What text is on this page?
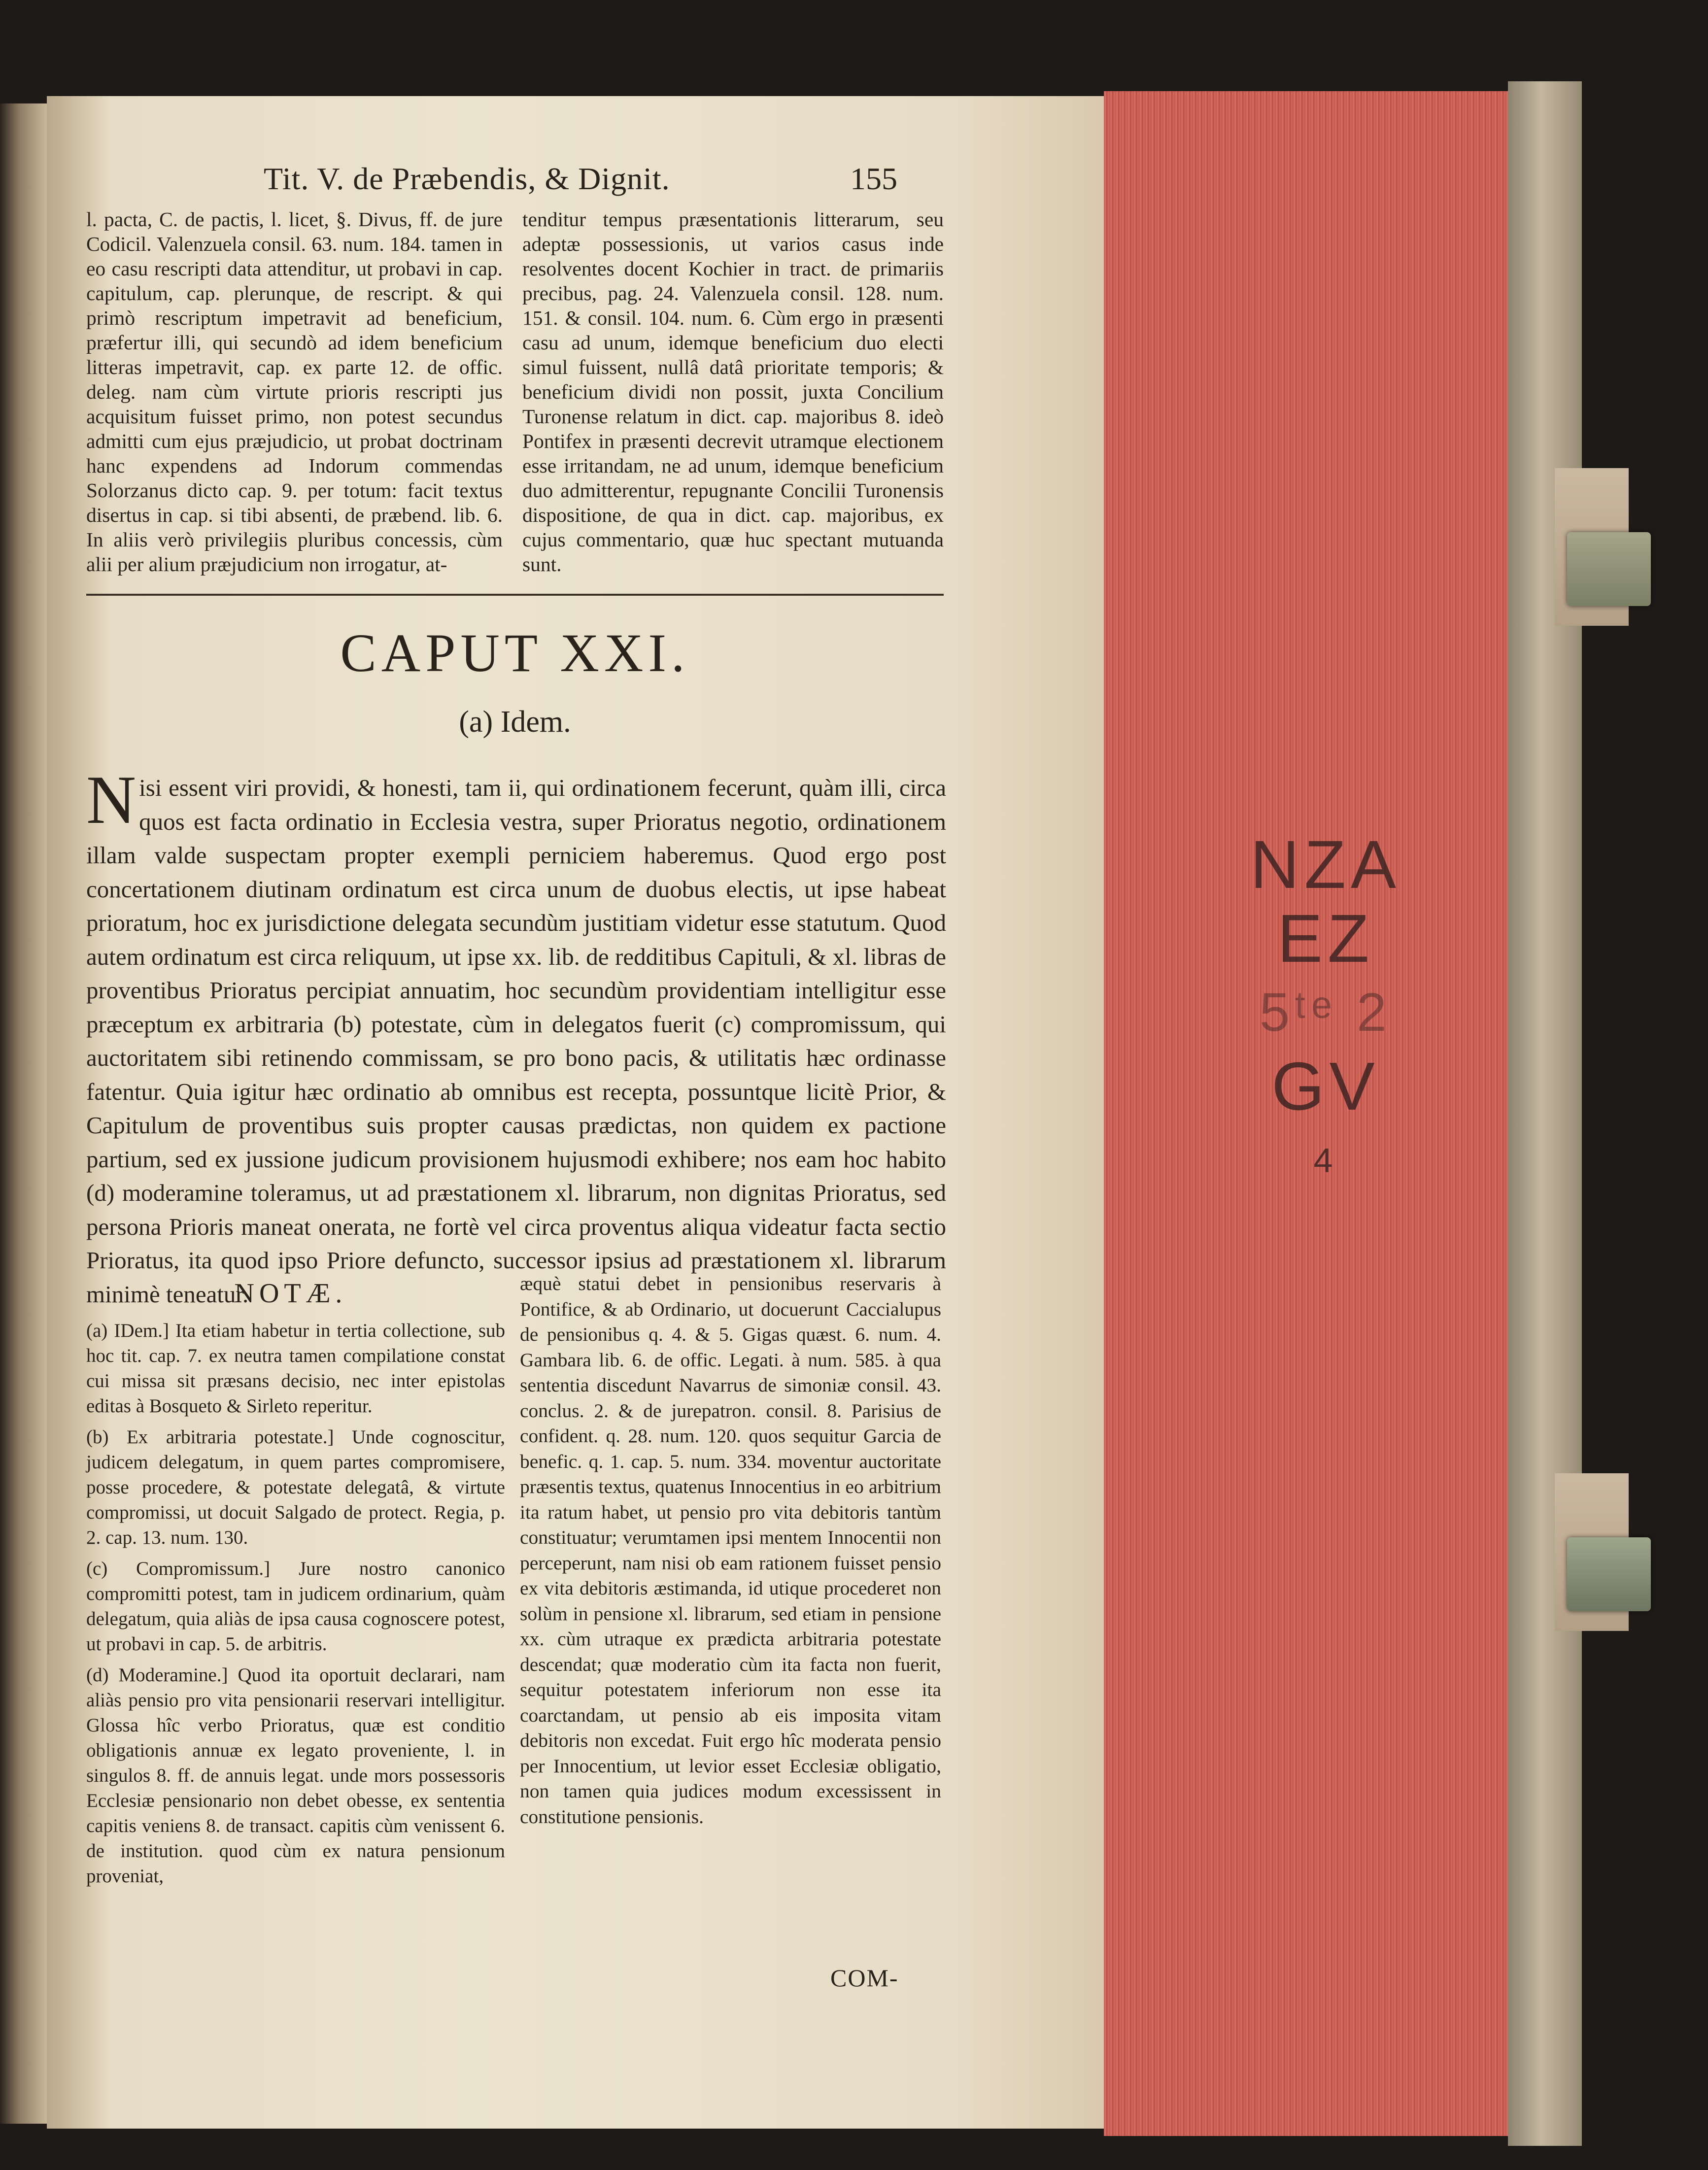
Tit. V. de Præbendis, & Dignit.	155

l. pacta, C. de pactis, l. licet, §. Divus, ff. de jure Codicil. Valenzuela consil. 63. num. 184. tamen in eo casu rescripti data attenditur, ut probavi in cap. capitulum, cap. plerunque, de rescript. & qui primò rescriptum impetravit ad beneficium, præfertur illi, qui secundò ad idem beneficium litteras impetravit, cap. ex parte 12. de offic. deleg. nam cùm virtute prioris rescripti jus acquisitum fuisset primo, non potest secundus admitti cum ejus præjudicio, ut probat doctrinam hanc expendens ad Indorum commendas Solorzanus dicto cap. 9. per totum: facit textus disertus in cap. si tibi absenti, de præbend. lib. 6. In aliis verò privilegiis pluribus concessis, cùm alii per alium præjudicium non irrogatur, at-

tenditur tempus præsentationis litterarum, seu adeptæ possessionis, ut varios casus inde resolventes docent Kochier in tract. de primariis precibus, pag. 24. Valenzuela consil. 128. num. 151. & consil. 104. num. 6. Cùm ergo in præsenti casu ad unum, idemque beneficium duo electi simul fuissent, nullâ datâ prioritate temporis; & beneficium dividi non possit, juxta Concilium Turonense relatum in dict. cap. majoribus 8. ideò Pontifex in præsenti decrevit utramque electionem esse irritandam, ne ad unum, idemque beneficium duo admitterentur, repugnante Concilii Turonensis dispositione, de qua in dict. cap. majoribus, ex cujus commentario, quæ huc spectant mutuanda sunt.

CAPUT XXI.
(a) Idem.

Nisi essent viri providi, & honesti, tam ii, qui ordinationem fecerunt, quàm illi, circa quos est facta ordinatio in Ecclesia vestra, super Prioratus negotio, ordinationem illam valde suspectam propter exempli perniciem haberemus. Quod ergo post concertationem diutinam ordinatum est circa unum de duobus electis, ut ipse habeat prioratum, hoc ex jurisdictione delegata secundùm justitiam videtur esse statutum. Quod autem ordinatum est circa reliquum, ut ipse xx. lib. de redditibus Capituli, & xl. libras de proventibus Prioratus percipiat annuatim, hoc secundùm providentiam intelligitur esse præceptum ex arbitraria (b) potestate, cùm in delegatos fuerit (c) compromissum, qui auctoritatem sibi retinendo commissam, se pro bono pacis, & utilitatis hæc ordinasse fatentur. Quia igitur hæc ordinatio ab omnibus est recepta, possuntque licitè Prior, & Capitulum de proventibus suis propter causas prædictas, non quidem ex pactione partium, sed ex jussione judicum provisionem hujusmodi exhibere; nos eam hoc habito (d) moderamine toleramus, ut ad præstationem xl. librarum, non dignitas Prioratus, sed persona Prioris maneat onerata, ne fortè vel circa proventus aliqua videatur facta sectio Prioratus, ita quod ipso Priore defuncto, successor ipsius ad præstationem xl. librarum minimè teneatur.

NOTÆ.

(a) IDem.] Ita etiam habetur in tertia collectione, sub hoc tit. cap. 7. ex neutra tamen compilatione constat cui missa sit præsans decisio, nec inter epistolas editas à Bosqueto & Sirleto reperitur.

(b) Ex arbitraria potestate.] Unde cognoscitur, judicem delegatum, in quem partes compromisere, posse procedere, & potestate delegatâ, & virtute compromissi, ut docuit Salgado de protect. Regia, p. 2. cap. 13. num. 130.

(c) Compromissum.] Jure nostro canonico compromitti potest, tam in judicem ordinarium, quàm delegatum, quia aliàs de ipsa causa cognoscere potest, ut probavi in cap. 5. de arbitris.

(d) Moderamine.] Quod ita oportuit declarari, nam aliàs pensio pro vita pensionarii reservari intelligitur. Glossa hîc verbo Prioratus, quæ est conditio obligationis annuæ ex legato proveniente, l. in singulos 8. ff. de annuis legat. unde mors possessoris Ecclesiæ pensionario non debet obesse, ex sententia capitis veniens 8. de transact. capitis cùm venissent 6. de institution. quod cùm ex natura pensionum proveniat,

æquè statui debet in pensionibus reservaris à Pontifice, & ab Ordinario, ut docuerunt Caccialupus de pensionibus q. 4. & 5. Gigas quæst. 6. num. 4. Gambara lib. 6. de offic. Legati. à num. 585. à qua sententia discedunt Navarrus de simoniæ consil. 43. conclus. 2. & de jurepatron. consil. 8. Parisius de confident. q. 28. num. 120. quos sequitur Garcia de benefic. q. 1. cap. 5. num. 334. moventur auctoritate præsentis textus, quatenus Innocentius in eo arbitrium ita ratum habet, ut pensio pro vita debitoris tantùm constituatur; verumtamen ipsi mentem Innocentii non perceperunt, nam nisi ob eam rationem fuisset pensio ex vita debitoris æstimanda, id utique procederet non solùm in pensione xl. librarum, sed etiam in pensione xx. cùm utraque ex prædicta arbitraria potestate descendat; quæ moderatio cùm ita facta non fuerit, sequitur potestatem inferiorum non esse ita coarctandam, ut pensio ab eis imposita vitam debitoris non excedat. Fuit ergo hîc moderata pensio per Innocentium, ut levior esset Ecclesiæ obligatio, non tamen quia judices modum excessissent in constitutione pensionis.

COM-
NZA
EZ
5ᵗᵉ 2
GV
4
